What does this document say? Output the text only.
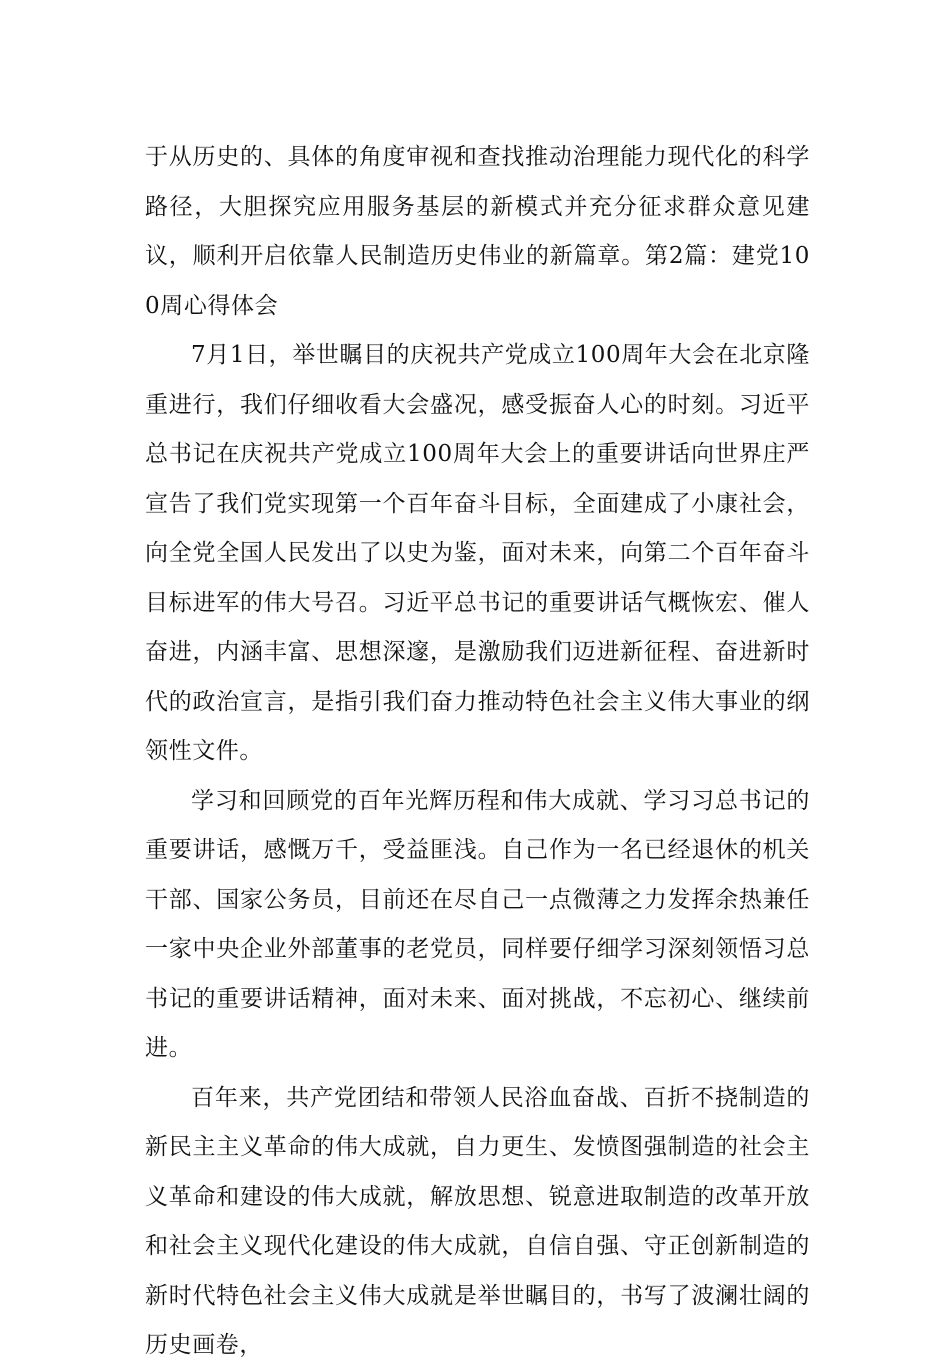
于从历史的、具体的角度审视和查找推动治理能力现代化的科学路径，大胆探究应用服务基层的新模式并充分征求群众意见建议，顺利开启依靠人民制造历史伟业的新篇章。第2篇：建党100周心得体会

7月1日，举世瞩目的庆祝共产党成立100周年大会在北京隆重进行，我们仔细收看大会盛况，感受振奋人心的时刻。习近平总书记在庆祝共产党成立100周年大会上的重要讲话向世界庄严宣告了我们党实现第一个百年奋斗目标，全面建成了小康社会，向全党全国人民发出了以史为鉴，面对未来，向第二个百年奋斗目标进军的伟大号召。习近平总书记的重要讲话气概恢宏、催人奋进，内涵丰富、思想深邃，是激励我们迈进新征程、奋进新时代的政治宣言，是指引我们奋力推动特色社会主义伟大事业的纲领性文件。

学习和回顾党的百年光辉历程和伟大成就、学习习总书记的重要讲话，感慨万千，受益匪浅。自己作为一名已经退休的机关干部、国家公务员，目前还在尽自己一点微薄之力发挥余热兼任一家中央企业外部董事的老党员，同样要仔细学习深刻领悟习总书记的重要讲话精神，面对未来、面对挑战，不忘初心、继续前进。

百年来，共产党团结和带领人民浴血奋战、百折不挠制造的新民主主义革命的伟大成就，自力更生、发愤图强制造的社会主义革命和建设的伟大成就，解放思想、锐意进取制造的改革开放和社会主义现代化建设的伟大成就，自信自强、守正创新制造的新时代特色社会主义伟大成就是举世瞩目的，书写了波澜壮阔的历史画卷，
